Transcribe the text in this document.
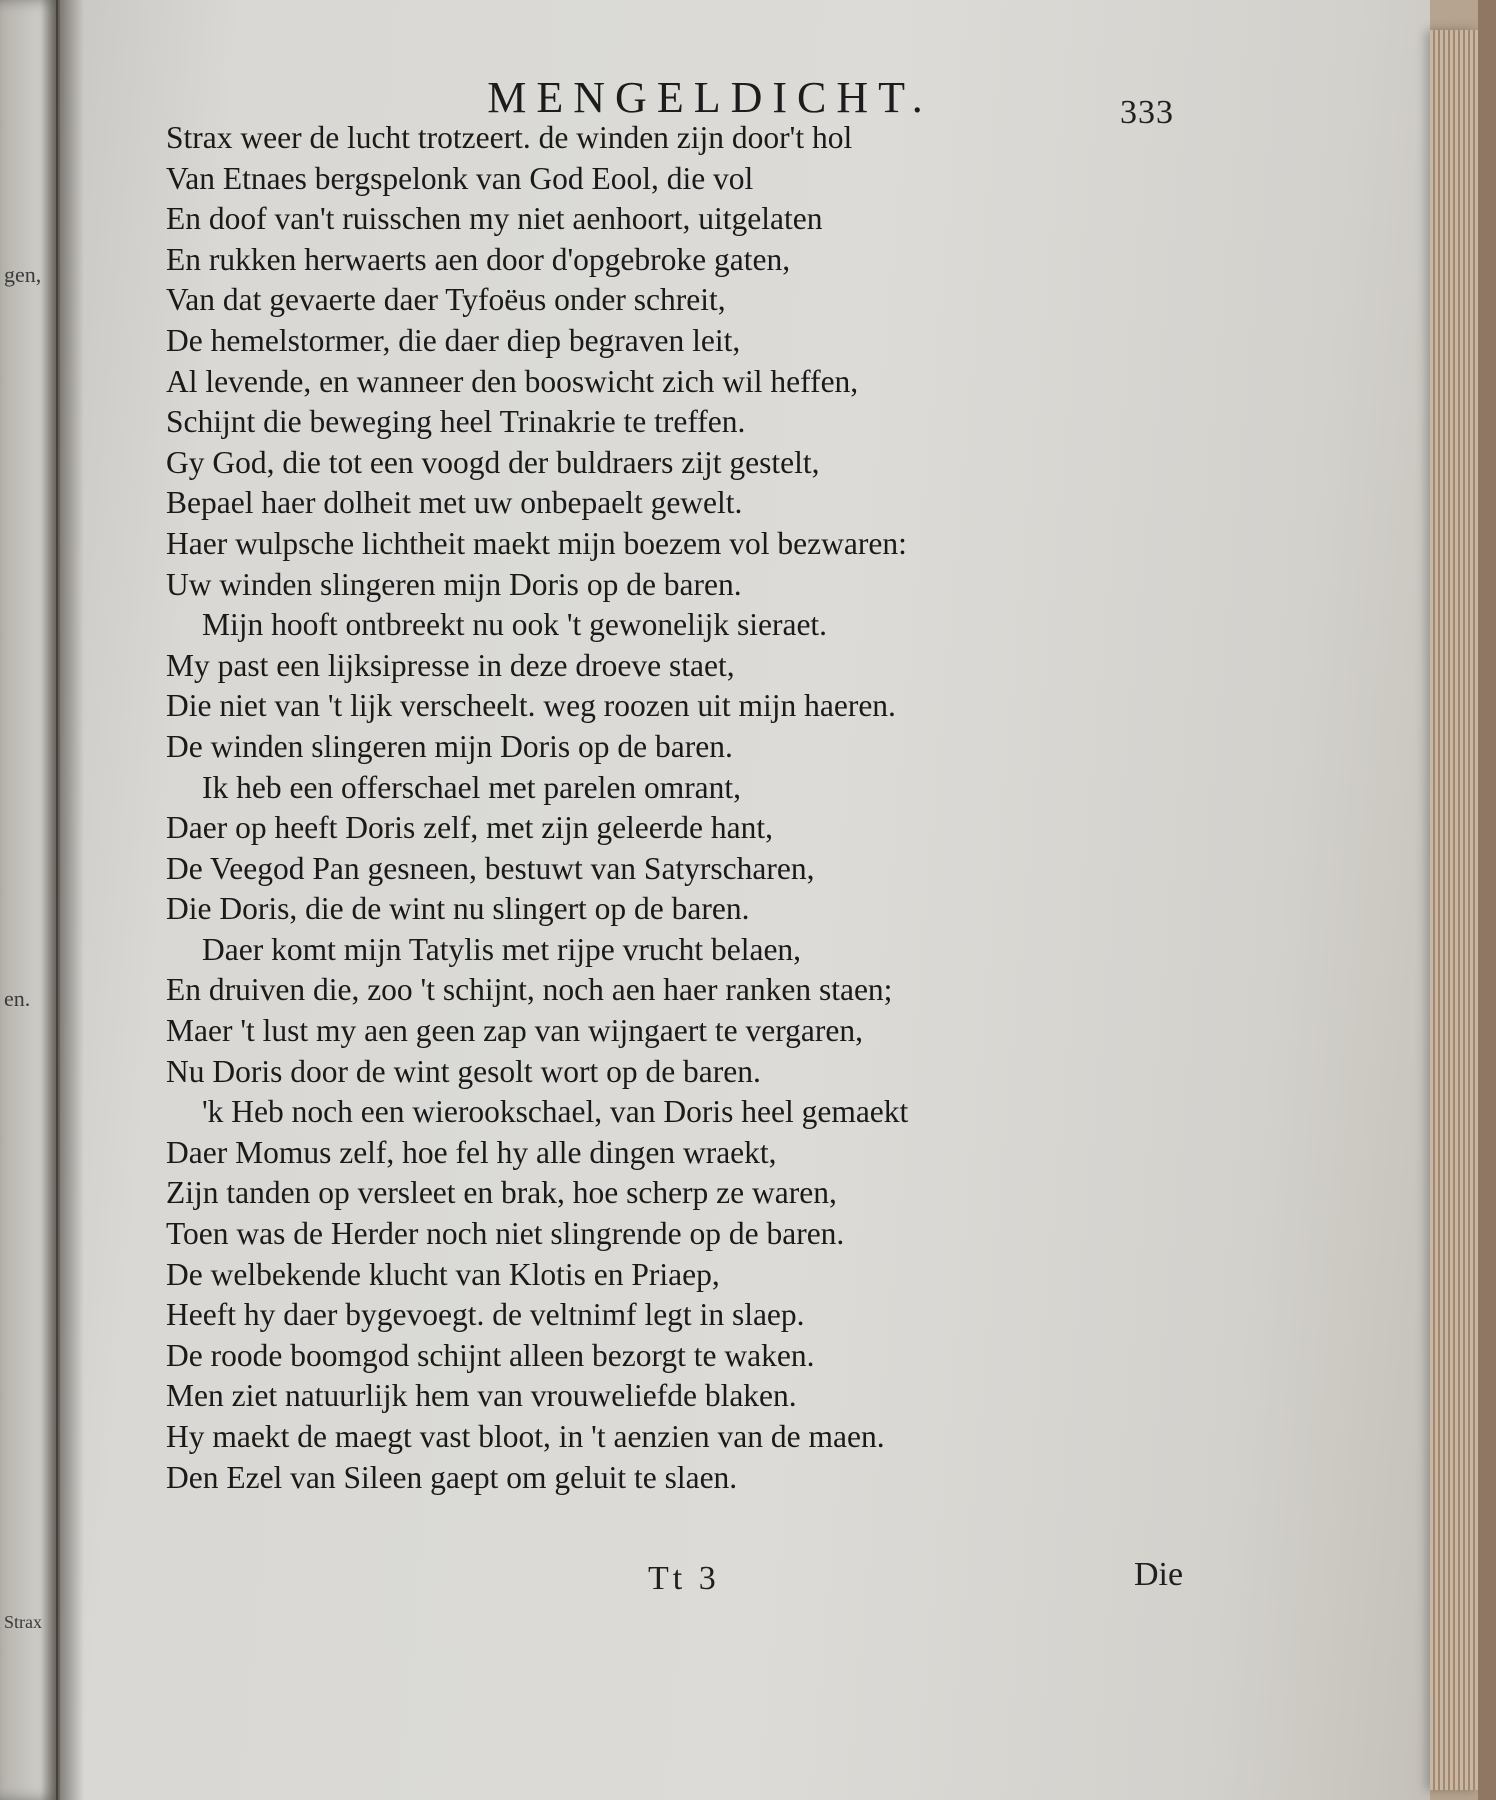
gen,
en.
Strax
MENGELDICHT.	333
Strax weer de lucht trotzeert. de winden zijn door't hol
Van Etnaes bergspelonk van God Eool, die vol
En doof van't ruisschen my niet aenhoort, uitgelaten
En rukken herwaerts aen door d'opgebroke gaten,
Van dat gevaerte daer Tyfoëus onder schreit,
De hemelstormer, die daer diep begraven leit,
Al levende, en wanneer den booswicht zich wil heffen,
Schijnt die beweging heel Trinakrie te treffen.
Gy God, die tot een voogd der buldraers zijt gestelt,
Bepael haer dolheit met uw onbepaelt gewelt.
Haer wulpsche lichtheit maekt mijn boezem vol bezwaren:
Uw winden slingeren mijn Doris op de baren.
Mijn hooft ontbreekt nu ook 't gewonelijk sieraet.
My past een lijksipresse in deze droeve staet,
Die niet van 't lijk verscheelt. weg roozen uit mijn haeren.
De winden slingeren mijn Doris op de baren.
Ik heb een offerschael met parelen omrant,
Daer op heeft Doris zelf, met zijn geleerde hant,
De Veegod Pan gesneen, bestuwt van Satyrscharen,
Die Doris, die de wint nu slingert op de baren.
Daer komt mijn Tatylis met rijpe vrucht belaen,
En druiven die, zoo 't schijnt, noch aen haer ranken staen;
Maer 't lust my aen geen zap van wijngaert te vergaren,
Nu Doris door de wint gesolt wort op de baren.
'k Heb noch een wierookschael, van Doris heel gemaekt
Daer Momus zelf, hoe fel hy alle dingen wraekt,
Zijn tanden op versleet en brak, hoe scherp ze waren,
Toen was de Herder noch niet slingrende op de baren.
De welbekende klucht van Klotis en Priaep,
Heeft hy daer bygevoegt. de veltnimf legt in slaep.
De roode boomgod schijnt alleen bezorgt te waken.
Men ziet natuurlijk hem van vrouweliefde blaken.
Hy maekt de maegt vast bloot, in 't aenzien van de maen.
Den Ezel van Sileen gaept om geluit te slaen.
Tt 3	Die
